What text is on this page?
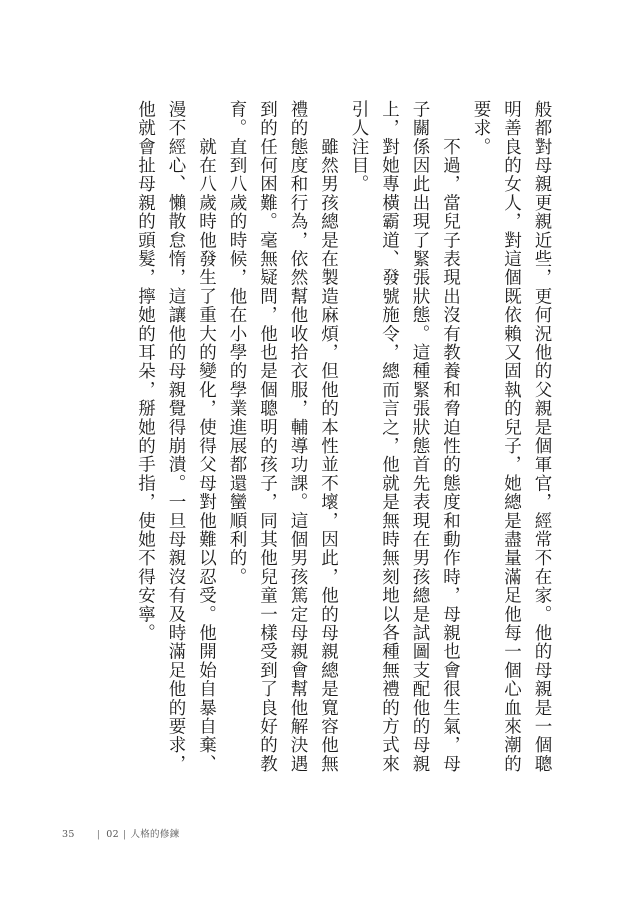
般都對母親更親近些，更何況他的父親是個軍官，經常不在家。他的母親是一個聰
明善良的女人，對這個既依賴又固執的兒子，她總是盡量滿足他每一個心血來潮的
要求。
　　不過，當兒子表現出沒有教養和脅迫性的態度和動作時，母親也會很生氣，母
子關係因此出現了緊張狀態。這種緊張狀態首先表現在男孩總是試圖支配他的母親
上，對她專橫霸道、發號施令，總而言之，他就是無時無刻地以各種無禮的方式來
引人注目。
　　雖然男孩總是在製造麻煩，但他的本性並不壞，因此，他的母親總是寬容他無
禮的態度和行為，依然幫他收拾衣服，輔導功課。這個男孩篤定母親會幫他解決遇
到的任何困難。毫無疑問，他也是個聰明的孩子，同其他兒童一樣受到了良好的教
育。直到八歲的時候，他在小學的學業進展都還蠻順利的。
　　就在八歲時他發生了重大的變化，使得父母對他難以忍受。他開始自暴自棄、
漫不經心、懶散怠惰，這讓他的母親覺得崩潰。一旦母親沒有及時滿足他的要求，
他就會扯母親的頭髮，擰她的耳朵，掰她的手指，使她不得安寧。
35 | 02 | 人格的修鍊
